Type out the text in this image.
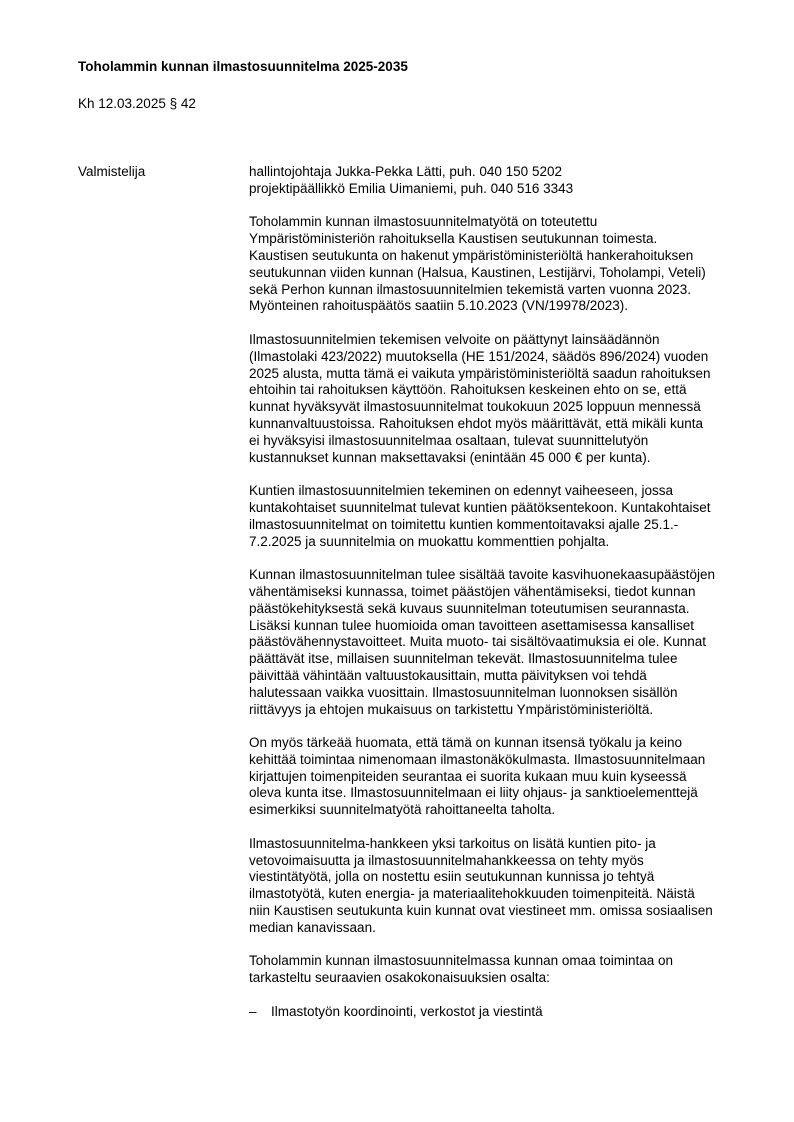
Toholammin kunnan ilmastosuunnitelma 2025-2035
Kh 12.03.2025 § 42
Valmistelija	hallintojohtaja Jukka-Pekka Lätti, puh. 040 150 5202
projektipäällikkö Emilia Uimaniemi, puh. 040 516 3343

Toholammin kunnan ilmastosuunnitelmatyötä on toteutettu
Ympäristöministeriön rahoituksella Kaustisen seutukunnan toimesta.
Kaustisen seutukunta on hakenut ympäristöministeriöltä hankerahoituksen
seutukunnan viiden kunnan (Halsua, Kaustinen, Lestijärvi, Toholampi, Veteli)
sekä Perhon kunnan ilmastosuunnitelmien tekemistä varten vuonna 2023.
Myönteinen rahoituspäätös saatiin 5.10.2023 (VN/19978/2023).

Ilmastosuunnitelmien tekemisen velvoite on päättynyt lainsäädännön
(Ilmastolaki 423/2022) muutoksella (HE 151/2024, säädös 896/2024) vuoden
2025 alusta, mutta tämä ei vaikuta ympäristöministeriöltä saadun rahoituksen
ehtoihin tai rahoituksen käyttöön. Rahoituksen keskeinen ehto on se, että
kunnat hyväksyvät ilmastosuunnitelmat toukokuun 2025 loppuun mennessä
kunnanvaltuustoissa. Rahoituksen ehdot myös määrittävät, että mikäli kunta
ei hyväksyisi ilmastosuunnitelmaa osaltaan, tulevat suunnittelutyön
kustannukset kunnan maksettavaksi (enintään 45 000 € per kunta).

Kuntien ilmastosuunnitelmien tekeminen on edennyt vaiheeseen, jossa
kuntakohtaiset suunnitelmat tulevat kuntien päätöksentekoon. Kuntakohtaiset
ilmastosuunnitelmat on toimitettu kuntien kommentoitavaksi ajalle 25.1.-
7.2.2025 ja suunnitelmia on muokattu kommenttien pohjalta.

Kunnan ilmastosuunnitelman tulee sisältää tavoite kasvihuonekaasupäästöjen
vähentämiseksi kunnassa, toimet päästöjen vähentämiseksi, tiedot kunnan
päästökehityksestä sekä kuvaus suunnitelman toteutumisen seurannasta.
Lisäksi kunnan tulee huomioida oman tavoitteen asettamisessa kansalliset
päästövähennystavoitteet. Muita muoto- tai sisältövaatimuksia ei ole. Kunnat
päättävät itse, millaisen suunnitelman tekevät. Ilmastosuunnitelma tulee
päivittää vähintään valtuustokausittain, mutta päivityksen voi tehdä
halutessaan vaikka vuosittain. Ilmastosuunnitelman luonnoksen sisällön
riittävyys ja ehtojen mukaisuus on tarkistettu Ympäristöministeriöltä.

On myös tärkeää huomata, että tämä on kunnan itsensä työkalu ja keino
kehittää toimintaa nimenomaan ilmastonäkökulmasta. Ilmastosuunnitelmaan
kirjattujen toimenpiteiden seurantaa ei suorita kukaan muu kuin kyseessä
oleva kunta itse. Ilmastosuunnitelmaan ei liity ohjaus- ja sanktioelementtejä
esimerkiksi suunnitelmatyötä rahoittaneelta taholta.

Ilmastosuunnitelma-hankkeen yksi tarkoitus on lisätä kuntien pito- ja
vetovoimaisuutta ja ilmastosuunnitelmahankkeessa on tehty myös
viestintätyötä, jolla on nostettu esiin seutukunnan kunnissa jo tehtyä
ilmastotyötä, kuten energia- ja materiaalitehokkuuden toimenpiteitä. Näistä
niin Kaustisen seutukunta kuin kunnat ovat viestineet mm. omissa sosiaalisen
median kanavissaan.

Toholammin kunnan ilmastosuunnitelmassa kunnan omaa toimintaa on
tarkasteltu seuraavien osakokonaisuuksien osalta:

–	Ilmastotyön koordinointi, verkostot ja viestintä
